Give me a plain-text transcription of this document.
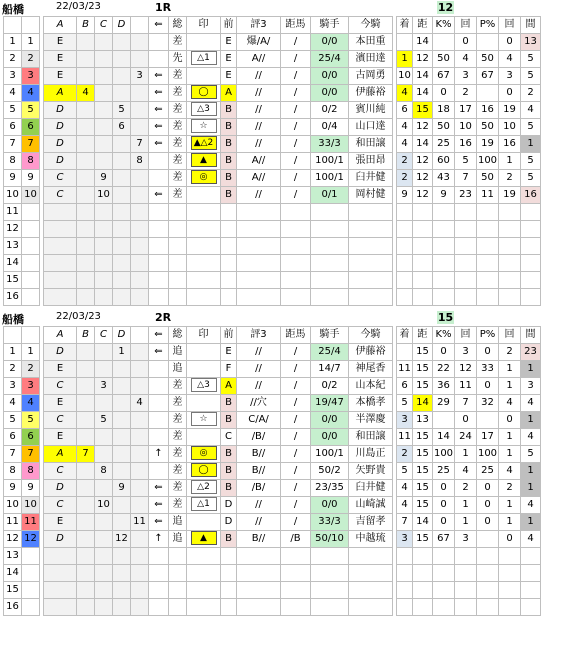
船橋	22/03/23	1R	12
			A	B	C	D		⇐	総	印	前	評3	距馬	騎手	今騎		着	距	K%	回	P%	回	間
1	1		E						差		E	爆/A/	/	0/0	本田重			14		0		0	13
2	2		E						先	△1	E	A//	/	25/4	濱田達		1	12	50	4	50	4	5
3	3		E				3	⇐	差		E	//	/	0/0	古岡勇		10	14	67	3	67	3	5
4	4		A	4				⇐	差	◯	A	//	/	0/0	伊藤裕		4	14	0	2		0	2
5	5		D			5		⇐	差	△3	B	//	/	0/2	賓川純		6	15	18	17	16	19	4
6	6		D			6		⇐	差	☆	B	//	/	0/4	山口達		4	12	50	10	50	10	5
7	7		D				7	⇐	差	▲△2	B	//	/	33/3	和田譲		4	14	25	16	19	16	1
8	8		D				8		差	▲	B	A//	/	100/1	張田昂		2	12	60	5	100	1	5
9	9		C		9				差	◎	B	A//	/	100/1	臼井健		2	12	43	7	50	2	5
10	10		C		10			⇐	差		B	//	/	0/1	岡村健		9	12	9	23	11	19	16
11																							
12																							
13																							
14																							
15																							
16																							
船橋	22/03/23	2R	15
			A	B	C	D		⇐	総	印	前	評3	距馬	騎手	今騎		着	距	K%	回	P%	回	間
1	1		D			1		⇐	追		E	//	/	25/4	伊藤裕			15	0	3	0	2	23
2	2		E						追		F	//	/	14/7	神尾香		11	15	22	12	33	1	1
3	3		C		3				差	△3	A	//	/	0/2	山本紀		6	15	36	11	0	1	3
4	4		E				4		差		B	//穴	/	19/47	本橋孝		5	14	29	7	32	4	4
5	5		C		5				差	☆	B	C/A/	/	0/0	半澤慶		3	13		0		0	1
6	6		E						差		C	/B/	/	0/0	和田譲		11	15	14	24	17	1	4
7	7		A	7				↑	差	◎	B	B//	/	100/1	川島正		2	15	100	1	100	1	5
8	8		C		8				差	◯	B	B//	/	50/2	矢野貴		5	15	25	4	25	4	1
9	9		D			9		⇐	差	△2	B	/B/	/	23/35	臼井健		4	15	0	2	0	2	1
10	10		C		10			⇐	差	△1	D	//	/	0/0	山崎誠		4	15	0	1	0	1	4
11	11		E				11	⇐	追		D	//	/	33/3	吉留孝		7	14	0	1	0	1	1
12	12		D			12		↑	追	▲	B	B//	/B	50/10	中越琉		3	15	67	3		0	4
13																							
14																							
15																							
16																							
